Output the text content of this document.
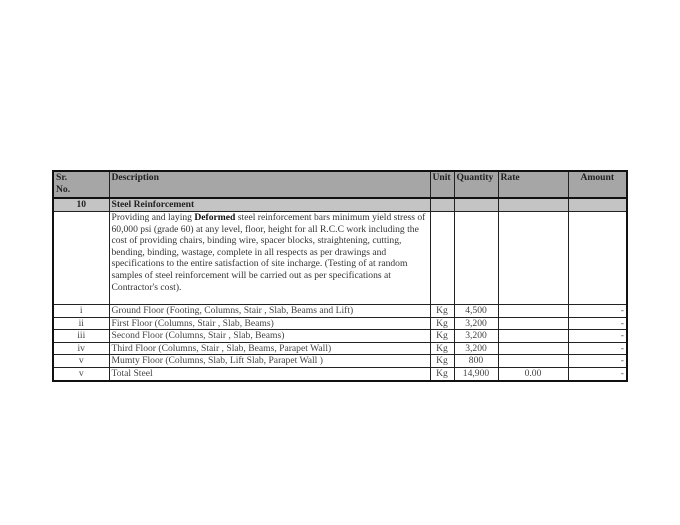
Sr.
No.	Description	Unit	Quantity	Rate	Amount
10	Steel Reinforcement				
	Providing and laying Deformed steel reinforcement bars minimum yield stress of 60,000 psi (grade 60) at any level, floor, height for all R.C.C work including the cost of providing chairs, binding wire, spacer blocks, straightening, cutting, bending, binding, wastage, complete in all respects as per drawings and specifications to the entire satisfaction of site incharge. (Testing of at random samples of steel reinforcement will be carried out as per specifications at Contractor's cost).				
i	Ground Floor (Footing, Columns, Stair , Slab, Beams and Lift)	Kg	4,500		-
ii	First Floor (Columns, Stair , Slab, Beams)	Kg	3,200		-
iii	Second Floor (Columns, Stair , Slab, Beams)	Kg	3,200		-
iv	Third Floor (Columns, Stair , Slab, Beams, Parapet Wall)	Kg	3,200		-
v	Mumty Floor (Columns, Slab, Lift Slab, Parapet Wall )	Kg	800		-
v	Total Steel	Kg	14,900	0.00	-
